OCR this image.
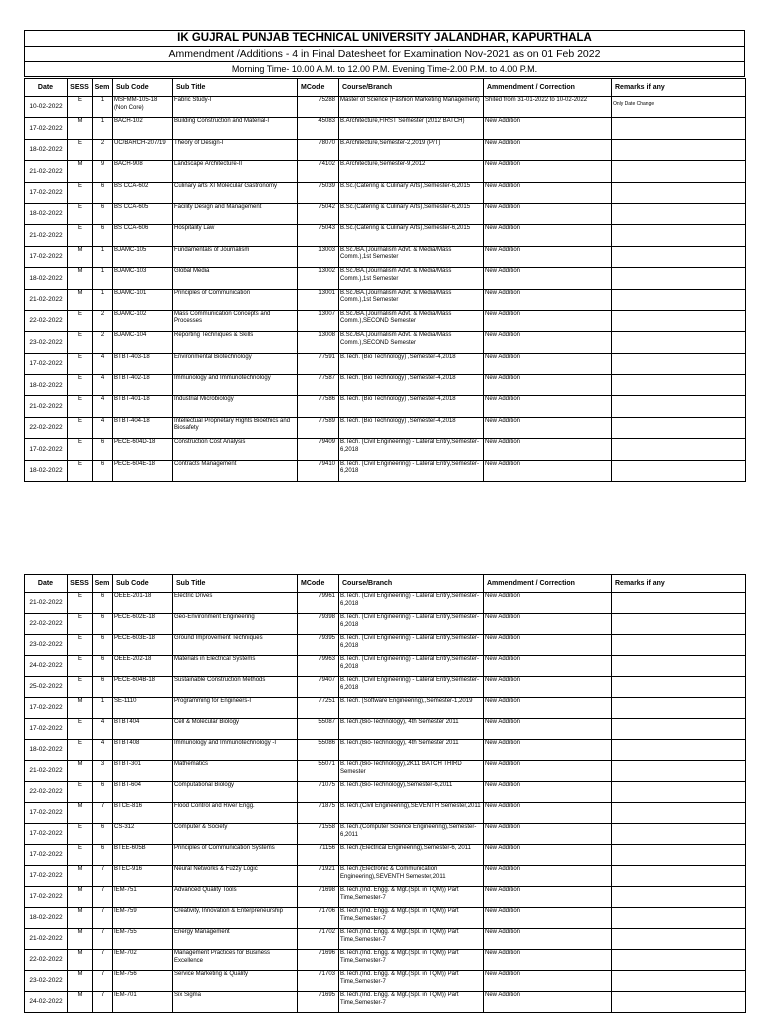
IK GUJRAL PUNJAB TECHNICAL UNIVERSITY JALANDHAR, KAPURTHALA
Ammendment /Additions - 4 in Final Datesheet for Examination Nov-2021 as on 01 Feb 2022
Morning Time- 10.00 A.M. to 12.00 P.M. Evening Time-2.00 P.M. to 4.00 P.M.
Date	SESS	Sem	Sub Code	Sub Title	MCode	Course/Branch	Ammendment / Correction	Remarks if any
10-02-2022	E	1	MSFMM-105-18 (Non Core)	Fabric Study-I	75288	Master of Science (Fashion Marketing Management)	Shited from 31-01-2022 to 10-02-2022	Only Date Change

17-02-2022	M	1	BACH-102	Building Construction and Material-I	45083	B.Architecture,FIRST Semester (2012 BATCH)	New Addition	

18-02-2022	E	2	UC/BARCH-207/19	Theory of Design-I	78070	B.Architecture,Semester-2,2019 (P/T)	New Addition	

21-02-2022	M	9	BACH-908	Landscape Architecture-II	74102	B.Architecture,Semester-9,2012	New Addition	

17-02-2022	E	6	BS CCA-602	Culinary arts XI Molecular Gastronomy	75039	B.Sc.(Catering & Culinary Arts),Semester-6,2015	New Addition	

18-02-2022	E	6	BS CCA-605	Facility Design and Management	75042	B.Sc.(Catering & Culinary Arts),Semester-6,2015	New Addition	

21-02-2022	E	6	BS CCA-606	Hospitality Law	75043	B.Sc.(Catering & Culinary Arts),Semester-6,2015	New Addition	

17-02-2022	M	1	BJAMC-105	Fundamentals of Journalism	13003	B.Sc./BA.(Journalism Advt. & Media/Mass Comm.),1st Semester	New Addition	

18-02-2022	M	1	BJAMC-103	Global Media	13002	B.Sc./BA.(Journalism Advt. & Media/Mass Comm.),1st Semester	New Addition	

21-02-2022	M	1	BJAMC-101	Principles of Communication	13001	B.Sc./BA.(Journalism Advt. & Media/Mass Comm.),1st Semester	New Addition	

22-02-2022	E	2	BJAMC-102	Mass Communication Concepts and Processes	13007	B.Sc./BA.(Journalism Advt. & Media/Mass Comm.),SECOND Semester	New Addition	

23-02-2022	E	2	BJAMC-104	Reporting Techniques & Skills	13008	B.Sc./BA.(Journalism Advt. & Media/Mass Comm.),SECOND Semester	New Addition	

17-02-2022	E	4	BTBT-403-18	Environmental Biotechnology	77591	B.Tech. (Bio Technology) ,Semester-4,2018	New Addition	

18-02-2022	E	4	BTBT-402-18	Immunology and Immunotechnology	77587	B.Tech. (Bio Technology) ,Semester-4,2018	New Addition	

21-02-2022	E	4	BTBT-401-18	Industrial Microbiology	77586	B.Tech. (Bio Technology) ,Semester-4,2018	New Addition	

22-02-2022	E	4	BTBT-404-18	Intellectual Proprietary Rights Bioethics and Biosafety	77589	B.Tech. (Bio Technology) ,Semester-4,2018	New Addition	

17-02-2022	E	6	PECE-604D-18	Construction Cost Analysis	79409	B.Tech. (Civil Engineering) - Lateral Entry,Semester-6,2018	New Addition	

18-02-2022	E	6	PECE-604E-18	Contracts Management	79410	B.Tech. (Civil Engineering) - Lateral Entry,Semester-6,2018	New Addition	
Date	SESS	Sem	Sub Code	Sub Title	MCode	Course/Branch	Ammendment / Correction	Remarks if any
21-02-2022	E	6	OEEE-201-18	Electric Drives	79961	B.Tech. (Civil Engineering) - Lateral Entry,Semester-6,2018	New Addition	

22-02-2022	E	6	PECE-602E-18	Geo-Environment Engineering	79398	B.Tech. (Civil Engineering) - Lateral Entry,Semester-6,2018	New Addition	

23-02-2022	E	6	PECE-603E-18	Ground Improvement Techniques	79395	B.Tech. (Civil Engineering) - Lateral Entry,Semester-6,2018	New Addition	

24-02-2022	E	6	OEEE-202-18	Materials in Electrical Systems	79963	B.Tech. (Civil Engineering) - Lateral Entry,Semester-6,2018	New Addition	

25-02-2022	E	6	PECE-604B-18	Sustainable Construction Methods	79407	B.Tech. (Civil Engineering) - Lateral Entry,Semester-6,2018	New Addition	

17-02-2022	M	1	SE-1110	Programming for Engineers-I	77251	B.Tech. (Software Engineering),,Semester-1,2019	New Addition	

17-02-2022	E	4	BTBT404	Cell & Molecular Biology	55087	B.Tech.(Bio-Technology), 4th Semester 2011	New Addition	

18-02-2022	E	4	BTBT408	Immunology and Immunotechnology -I	55086	B.Tech.(Bio-Technology), 4th Semester 2011	New Addition	

21-02-2022	M	3	BTBT-301	Mathematics	55071	B.Tech.(Bio-Technology),2K11 BATCH THIRD Semester	New Addition	

22-02-2022	E	6	BTBT-604	Computational Biology	71075	B.Tech.(Bio-Technology),Semester-6,2011	New Addition	

17-02-2022	M	7	BTCE-816	Flood Control and River Engg.	71875	B.Tech.(Civil Engineering),SEVENTH Semester,2011	New Addition	

17-02-2022	E	6	CS-312	Computer & Society	71558	B.Tech.(Computer Science Engineering),Semester-6,2011	New Addition	

17-02-2022	E	6	BTEE-605B	Principles of Communication Systems	71156	B.Tech.(Electrical Engineering),Semester-6, 2011	New Addition	

17-02-2022	M	7	BTEC-916	Neural Networks & Fuzzy Logic	71921	B.Tech.(Electronic & Communication Engineering),SEVENTH Semester,2011	New Addition	

17-02-2022	M	7	IEM-751	Advanced Quality Tools	71698	B.Tech.(Ind. Engg. & Mgt.(Spl. in TQM)) Part Time,Semester-7	New Addition	

18-02-2022	M	7	IEM-759	Creativity, Innovation & Enterpreneurship	71706	B.Tech.(Ind. Engg. & Mgt.(Spl. in TQM)) Part Time,Semester-7	New Addition	

21-02-2022	M	7	IEM-755	Energy Management	71702	B.Tech.(Ind. Engg. & Mgt.(Spl. in TQM)) Part Time,Semester-7	New Addition	

22-02-2022	M	7	IEM-702	Management Practices for Business Excellence	71696	B.Tech.(Ind. Engg. & Mgt.(Spl. in TQM)) Part Time,Semester-7	New Addition	

23-02-2022	M	7	IEM-756	Service Marketing & Quality	71703	B.Tech.(Ind. Engg. & Mgt.(Spl. in TQM)) Part Time,Semester-7	New Addition	

24-02-2022	M	7	IEM-701	Six Sigma	71695	B.Tech.(Ind. Engg. & Mgt.(Spl. in TQM)) Part Time,Semester-7	New Addition	
